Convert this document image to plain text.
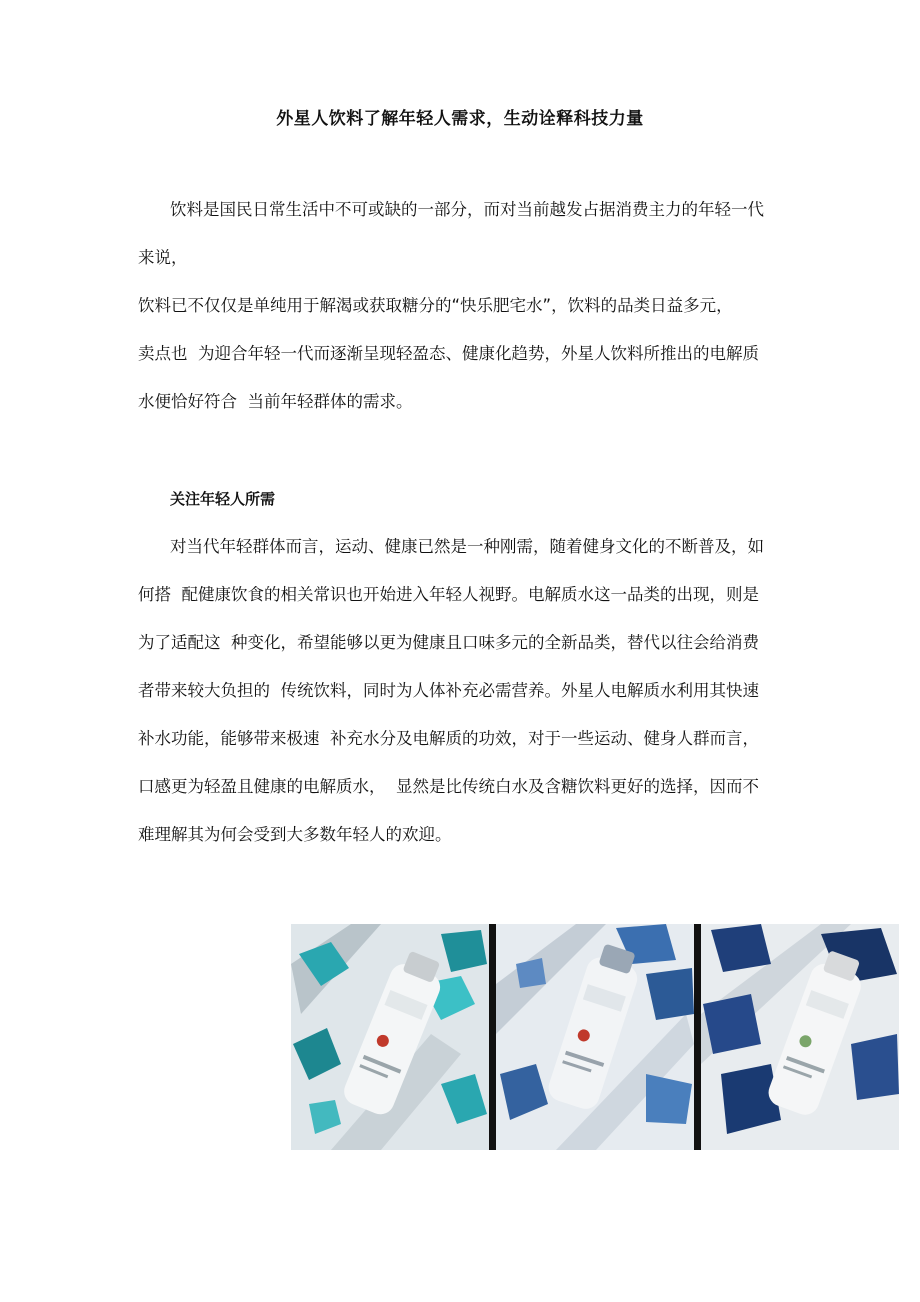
外星人饮料了解年轻人需求，生动诠释科技力量
饮料是国民日常生活中不可或缺的一部分，而对当前越发占据消费主力的年轻一代
来说，
饮料已不仅仅是单纯用于解渴或获取糖分的“快乐肥宅水”，饮料的品类日益多元，
卖点也  为迎合年轻一代而逐渐呈现轻盈态、健康化趋势，外星人饮料所推出的电解质
水便恰好符合  当前年轻群体的需求。
关注年轻人所需
对当代年轻群体而言，运动、健康已然是一种刚需，随着健身文化的不断普及，如
何搭  配健康饮食的相关常识也开始进入年轻人视野。电解质水这一品类的出现，则是
为了适配这  种变化，希望能够以更为健康且口味多元的全新品类，替代以往会给消费
者带来较大负担的  传统饮料，同时为人体补充必需营养。外星人电解质水利用其快速
补水功能，能够带来极速  补充水分及电解质的功效，对于一些运动、健身人群而言，
口感更为轻盈且健康的电解质水，  显然是比传统白水及含糖饮料更好的选择，因而不
难理解其为何会受到大多数年轻人的欢迎。
